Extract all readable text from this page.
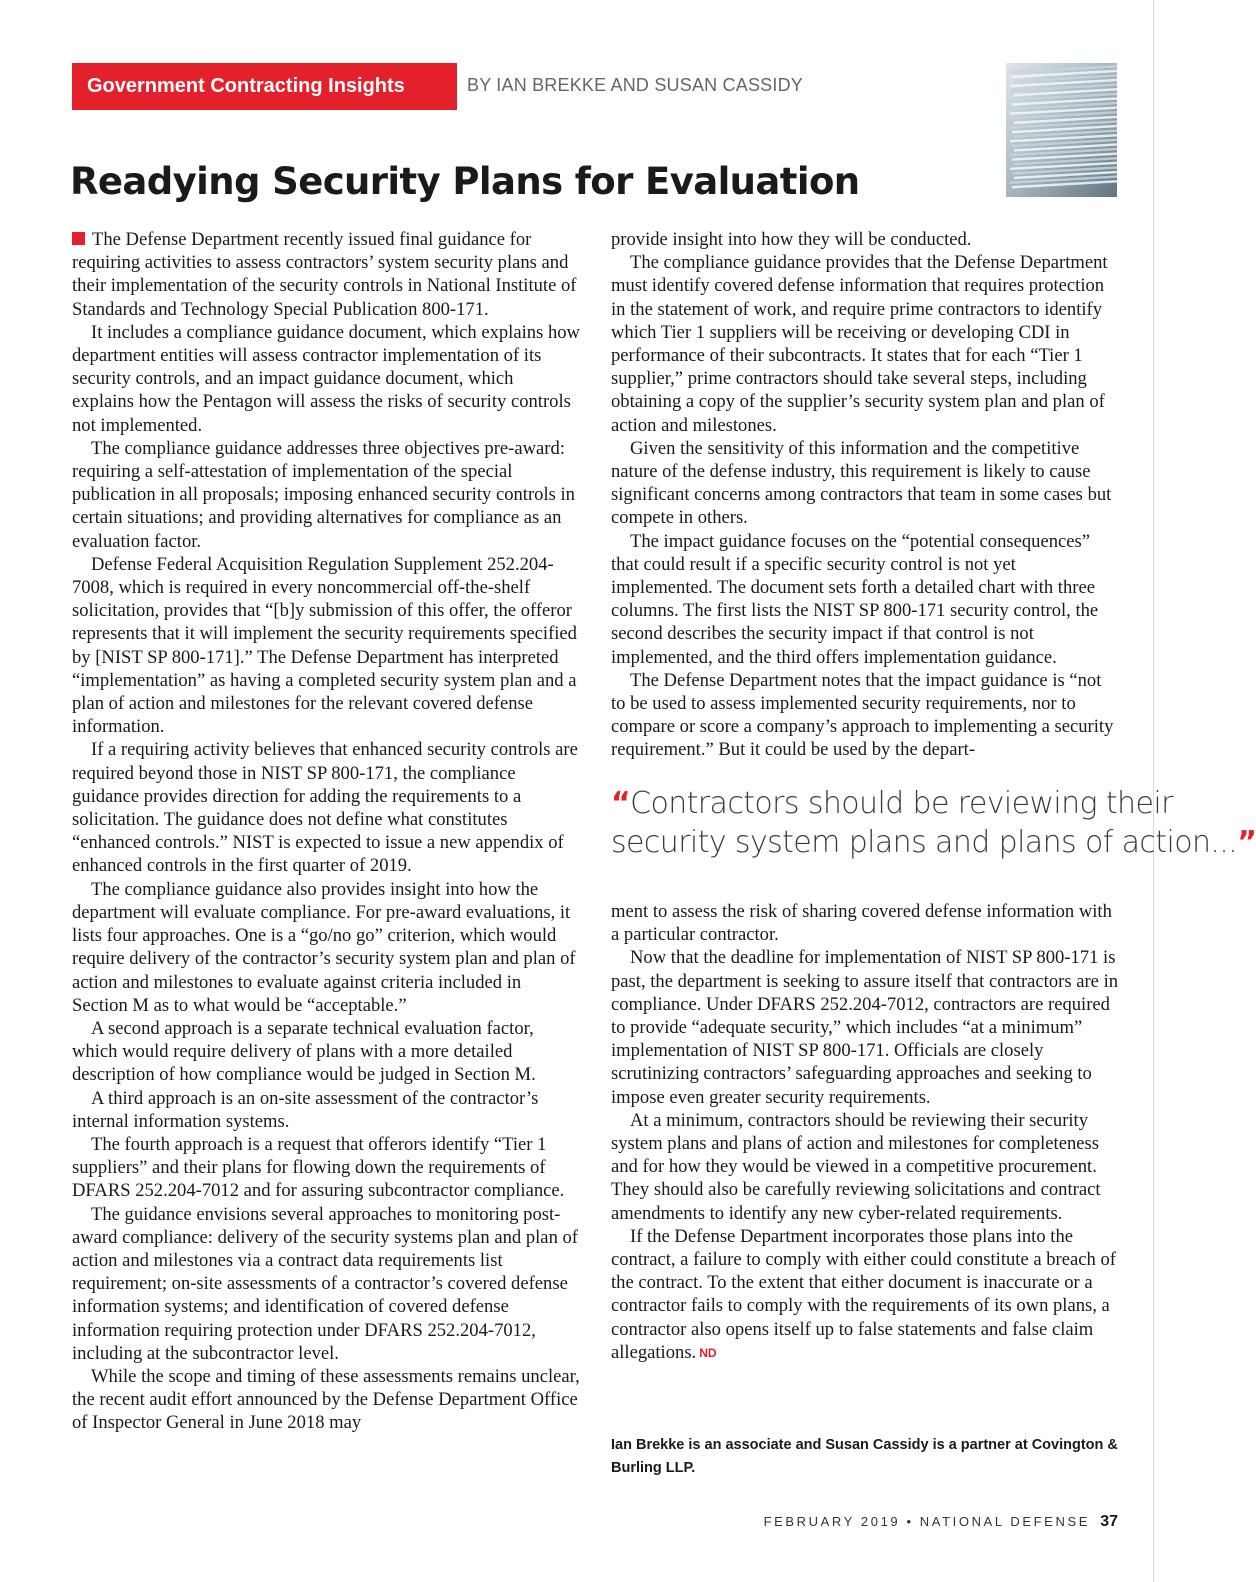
Government Contracting Insights	BY IAN BREKKE AND SUSAN CASSIDY
Readying Security Plans for Evaluation

The Defense Department recently issued final guidance for requiring activities to assess contractors’ system security plans and their implementation of the security controls in National Institute of Standards and Technology Special Publication 800-171.

It includes a compliance guidance document, which explains how department entities will assess contractor implementation of its security controls, and an impact guidance document, which explains how the Pentagon will assess the risks of security controls not implemented.

The compliance guidance addresses three objectives pre-award: requiring a self-attestation of implementation of the special publication in all proposals; imposing enhanced security controls in certain situations; and providing alternatives for compliance as an evaluation factor.

Defense Federal Acquisition Regulation Supplement 252.204-7008, which is required in every noncommercial off-the-shelf solicitation, provides that “[b]y submission of this offer, the offeror represents that it will implement the security requirements specified by [NIST SP 800-171].” The Defense Department has interpreted “implementation” as having a completed security system plan and a plan of action and milestones for the relevant covered defense information.

If a requiring activity believes that enhanced security controls are required beyond those in NIST SP 800-171, the compliance guidance provides direction for adding the requirements to a solicitation. The guidance does not define what constitutes “enhanced controls.” NIST is expected to issue a new appendix of enhanced controls in the first quarter of 2019.

The compliance guidance also provides insight into how the department will evaluate compliance. For pre-award evaluations, it lists four approaches. One is a “go/no go” criterion, which would require delivery of the contractor’s security system plan and plan of action and milestones to evaluate against criteria included in Section M as to what would be “acceptable.”

A second approach is a separate technical evaluation factor, which would require delivery of plans with a more detailed description of how compliance would be judged in Section M.

A third approach is an on-site assessment of the contractor’s internal information systems.

The fourth approach is a request that offerors identify “Tier 1 suppliers” and their plans for flowing down the requirements of DFARS 252.204-7012 and for assuring subcontractor compliance.

The guidance envisions several approaches to monitoring post-award compliance: delivery of the security systems plan and plan of action and milestones via a contract data requirements list requirement; on-site assessments of a contractor’s covered defense information systems; and identification of covered defense information requiring protection under DFARS 252.204-7012, including at the subcontractor level.

While the scope and timing of these assessments remains unclear, the recent audit effort announced by the Defense Department Office of Inspector General in June 2018 may

provide insight into how they will be conducted.

The compliance guidance provides that the Defense Department must identify covered defense information that requires protection in the statement of work, and require prime contractors to identify which Tier 1 suppliers will be receiving or developing CDI in performance of their subcontracts. It states that for each “Tier 1 supplier,” prime contractors should take several steps, including obtaining a copy of the supplier’s security system plan and plan of action and milestones.

Given the sensitivity of this information and the competitive nature of the defense industry, this requirement is likely to cause significant concerns among contractors that team in some cases but compete in others.

The impact guidance focuses on the “potential consequences” that could result if a specific security control is not yet implemented. The document sets forth a detailed chart with three columns. The first lists the NIST SP 800-171 security control, the second describes the security impact if that control is not implemented, and the third offers implementation guidance.

The Defense Department notes that the impact guidance is “not to be used to assess implemented security requirements, nor to compare or score a company’s approach to implementing a security requirement.” But it could be used by the depart-

“Contractors should be reviewing their
security system plans and plans of action...”

ment to assess the risk of sharing covered defense information with a particular contractor.

Now that the deadline for implementation of NIST SP 800-171 is past, the department is seeking to assure itself that contractors are in compliance. Under DFARS 252.204-7012, contractors are required to provide “adequate security,” which includes “at a minimum” implementation of NIST SP 800-171. Officials are closely scrutinizing contractors’ safeguarding approaches and seeking to impose even greater security requirements.

At a minimum, contractors should be reviewing their security system plans and plans of action and milestones for completeness and for how they would be viewed in a competitive procurement. They should also be carefully reviewing solicitations and contract amendments to identify any new cyber-related requirements.

If the Defense Department incorporates those plans into the contract, a failure to comply with either could constitute a breach of the contract. To the extent that either document is inaccurate or a contractor fails to comply with the requirements of its own plans, a contractor also opens itself up to false statements and false claim allegations. ND

Ian Brekke is an associate and Susan Cassidy is a partner at Covington & Burling LLP.
FEBRUARY 2019 • NATIONAL DEFENSE 37
